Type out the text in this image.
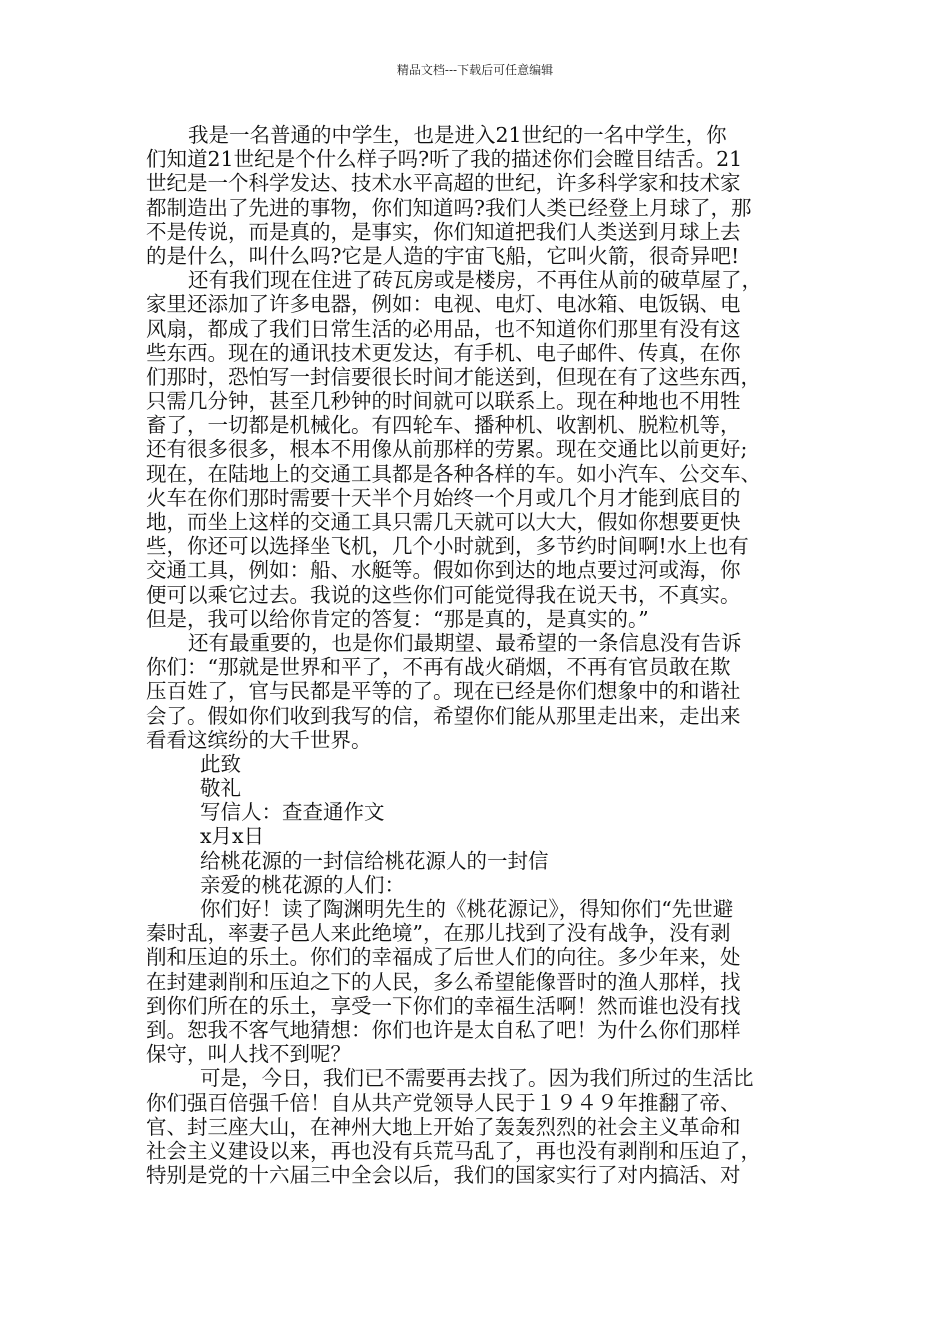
精品文档---下载后可任意编辑
我是一名普通的中学生，也是进入21世纪的一名中学生，你
们知道21世纪是个什么样子吗?听了我的描述你们会瞠目结舌。21
世纪是一个科学发达、技术水平高超的世纪，许多科学家和技术家
都制造出了先进的事物，你们知道吗?我们人类已经登上月球了，那
不是传说，而是真的，是事实，你们知道把我们人类送到月球上去
的是什么，叫什么吗?它是人造的宇宙飞船，它叫火箭，很奇异吧!
还有我们现在住进了砖瓦房或是楼房，不再住从前的破草屋了，
家里还添加了许多电器，例如：电视、电灯、电冰箱、电饭锅、电
风扇，都成了我们日常生活的必用品，也不知道你们那里有没有这
些东西。现在的通讯技术更发达，有手机、电子邮件、传真，在你
们那时，恐怕写一封信要很长时间才能送到，但现在有了这些东西，
只需几分钟，甚至几秒钟的时间就可以联系上。现在种地也不用牲
畜了，一切都是机械化。有四轮车、播种机、收割机、脱粒机等，
还有很多很多，根本不用像从前那样的劳累。现在交通比以前更好;
现在，在陆地上的交通工具都是各种各样的车。如小汽车、公交车、
火车在你们那时需要十天半个月始终一个月或几个月才能到底目的
地，而坐上这样的交通工具只需几天就可以大大，假如你想要更快
些，你还可以选择坐飞机，几个小时就到，多节约时间啊!水上也有
交通工具，例如：船、水艇等。假如你到达的地点要过河或海，你
便可以乘它过去。我说的这些你们可能觉得我在说天书，不真实。
但是，我可以给你肯定的答复：“那是真的，是真实的。”
还有最重要的，也是你们最期望、最希望的一条信息没有告诉
你们：“那就是世界和平了，不再有战火硝烟，不再有官员敢在欺
压百姓了，官与民都是平等的了。现在已经是你们想象中的和谐社
会了。假如你们收到我写的信，希望你们能从那里走出来，走出来
看看这缤纷的大千世界。
此致
敬礼
写信人：查查通作文
x月x日
给桃花源的一封信给桃花源人的一封信
亲爱的桃花源的人们：
你们好！读了陶渊明先生的《桃花源记》，得知你们“先世避
秦时乱，率妻子邑人来此绝境”，在那儿找到了没有战争，没有剥
削和压迫的乐土。你们的幸福成了后世人们的向往。多少年来，处
在封建剥削和压迫之下的人民，多么希望能像晋时的渔人那样，找
到你们所在的乐土，享受一下你们的幸福生活啊！然而谁也没有找
到。恕我不客气地猜想：你们也许是太自私了吧！为什么你们那样
保守，叫人找不到呢？
可是，今日，我们已不需要再去找了。因为我们所过的生活比
你们强百倍强千倍！自从共产党领导人民于１９４９年推翻了帝、
官、封三座大山，在神州大地上开始了轰轰烈烈的社会主义革命和
社会主义建设以来，再也没有兵荒马乱了，再也没有剥削和压迫了，
特别是党的十六届三中全会以后，我们的国家实行了对内搞活、对
